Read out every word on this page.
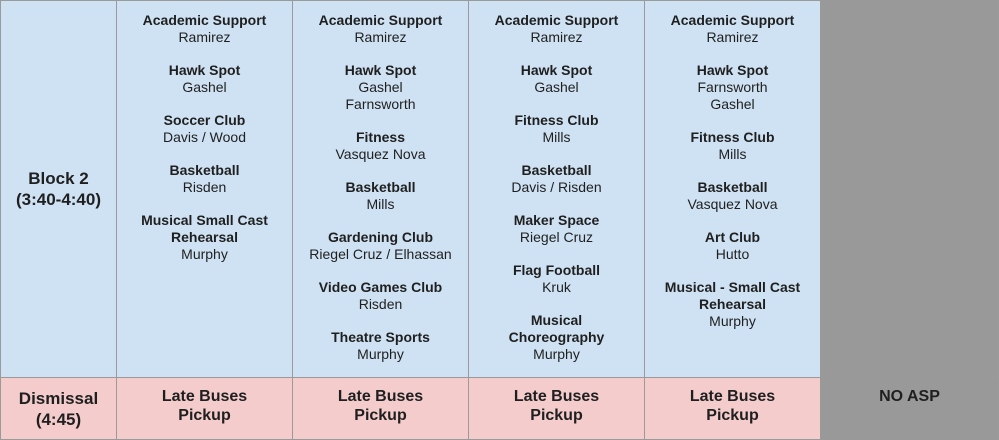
Block 2
(3:40-4:40)
Academic Support
Ramirez
Hawk Spot
Gashel
Soccer Club
Davis / Wood
Basketball
Risden
Musical Small Cast Rehearsal
Murphy
Academic Support
Ramirez
Hawk Spot
Gashel
Farnsworth
Fitness
Vasquez Nova
Basketball
Mills
Gardening Club
Riegel Cruz / Elhassan
Video Games Club
Risden
Theatre Sports
Murphy
Academic Support
Ramirez
Hawk Spot
Gashel
Fitness Club
Mills
Basketball
Davis / Risden
Maker Space
Riegel Cruz
Flag Football
Kruk
Musical Choreography
Murphy
Academic Support
Ramirez
Hawk Spot
Farnsworth
Gashel
Fitness Club
Mills
Basketball
Vasquez Nova
Art Club
Hutto
Musical - Small Cast Rehearsal
Murphy
Dismissal
(4:45)
Late Buses Pickup
Late Buses Pickup
Late Buses Pickup
Late Buses Pickup
NO ASP
